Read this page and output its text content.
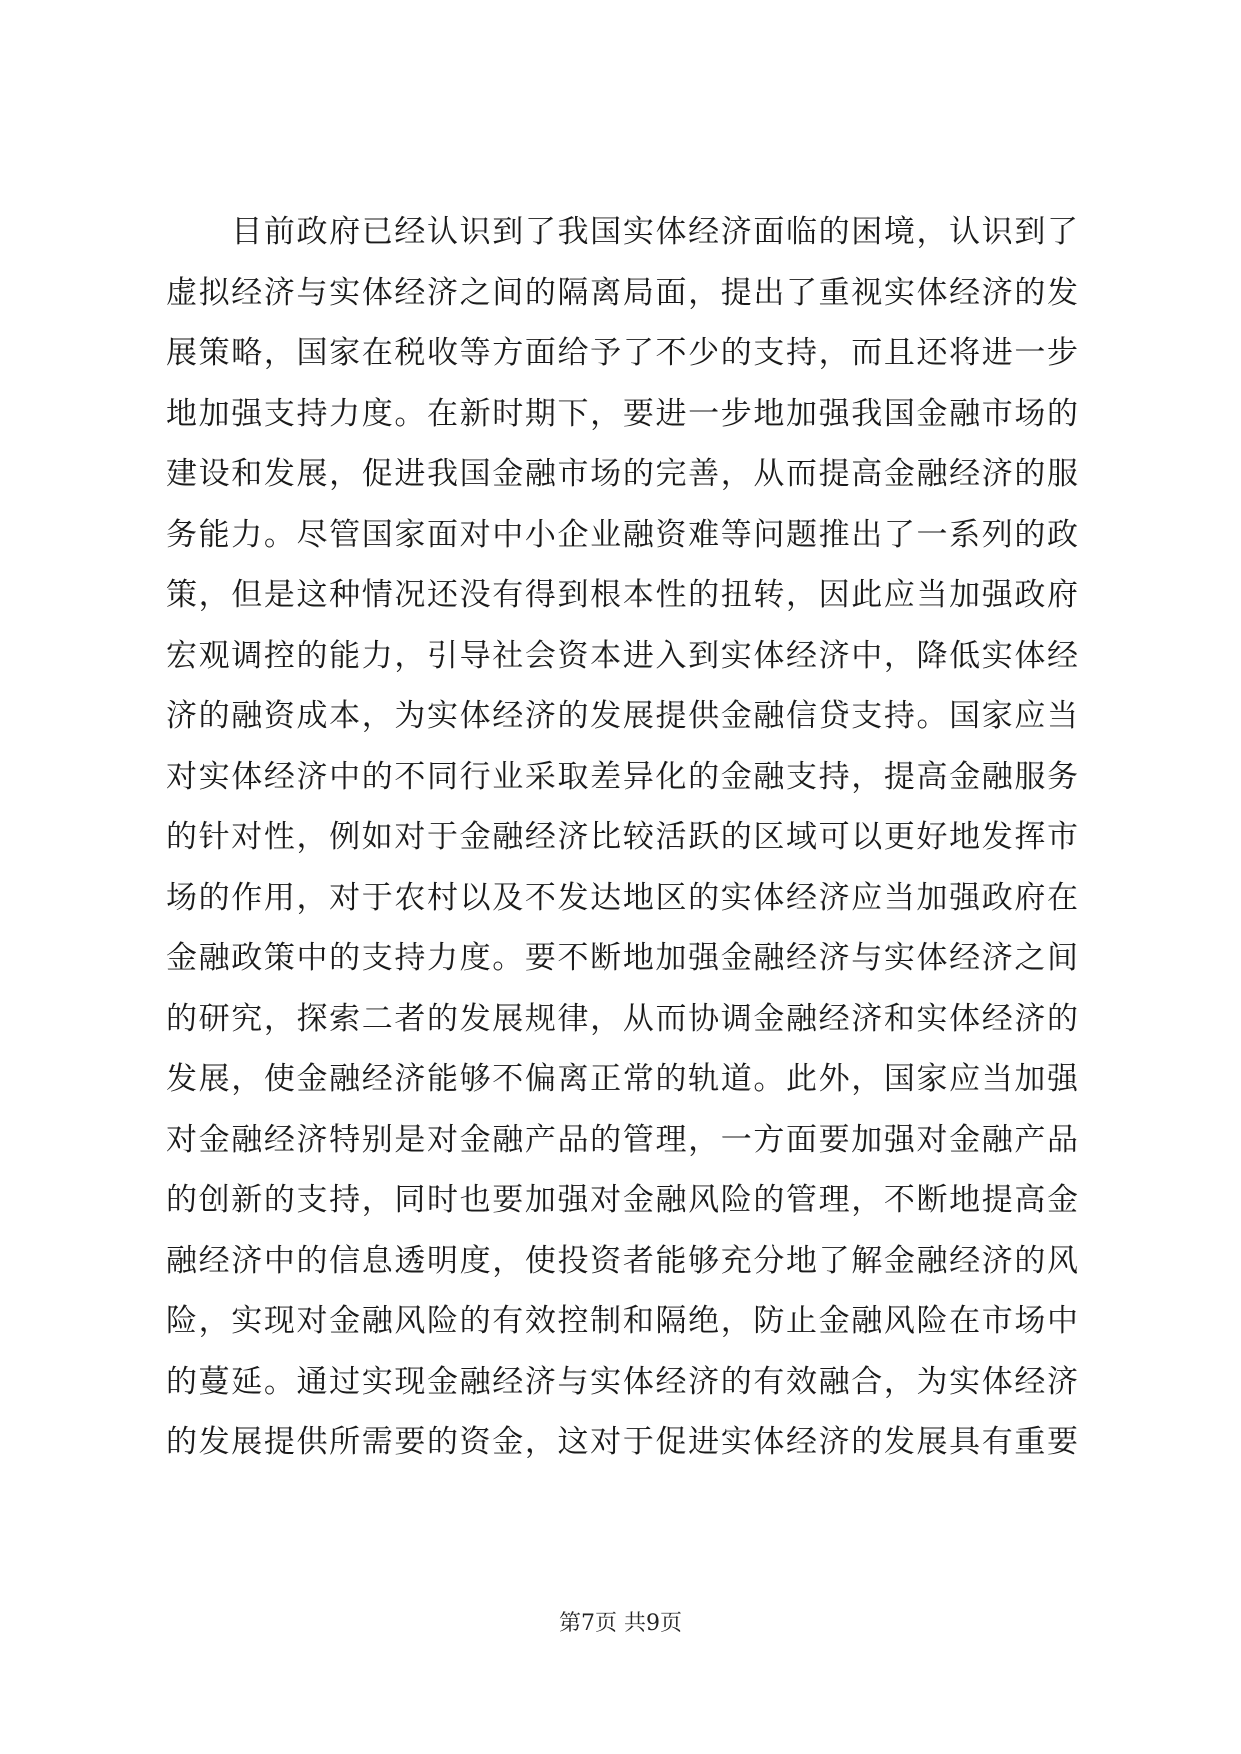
　　目前政府已经认识到了我国实体经济面临的困境，认识到了
虚拟经济与实体经济之间的隔离局面，提出了重视实体经济的发
展策略，国家在税收等方面给予了不少的支持，而且还将进一步
地加强支持力度。在新时期下，要进一步地加强我国金融市场的
建设和发展，促进我国金融市场的完善，从而提高金融经济的服
务能力。尽管国家面对中小企业融资难等问题推出了一系列的政
策，但是这种情况还没有得到根本性的扭转，因此应当加强政府
宏观调控的能力，引导社会资本进入到实体经济中，降低实体经
济的融资成本，为实体经济的发展提供金融信贷支持。国家应当
对实体经济中的不同行业采取差异化的金融支持，提高金融服务
的针对性，例如对于金融经济比较活跃的区域可以更好地发挥市
场的作用，对于农村以及不发达地区的实体经济应当加强政府在
金融政策中的支持力度。要不断地加强金融经济与实体经济之间
的研究，探索二者的发展规律，从而协调金融经济和实体经济的
发展，使金融经济能够不偏离正常的轨道。此外，国家应当加强
对金融经济特别是对金融产品的管理，一方面要加强对金融产品
的创新的支持，同时也要加强对金融风险的管理，不断地提高金
融经济中的信息透明度，使投资者能够充分地了解金融经济的风
险，实现对金融风险的有效控制和隔绝，防止金融风险在市场中
的蔓延。通过实现金融经济与实体经济的有效融合，为实体经济
的发展提供所需要的资金，这对于促进实体经济的发展具有重要
第7页 共9页
